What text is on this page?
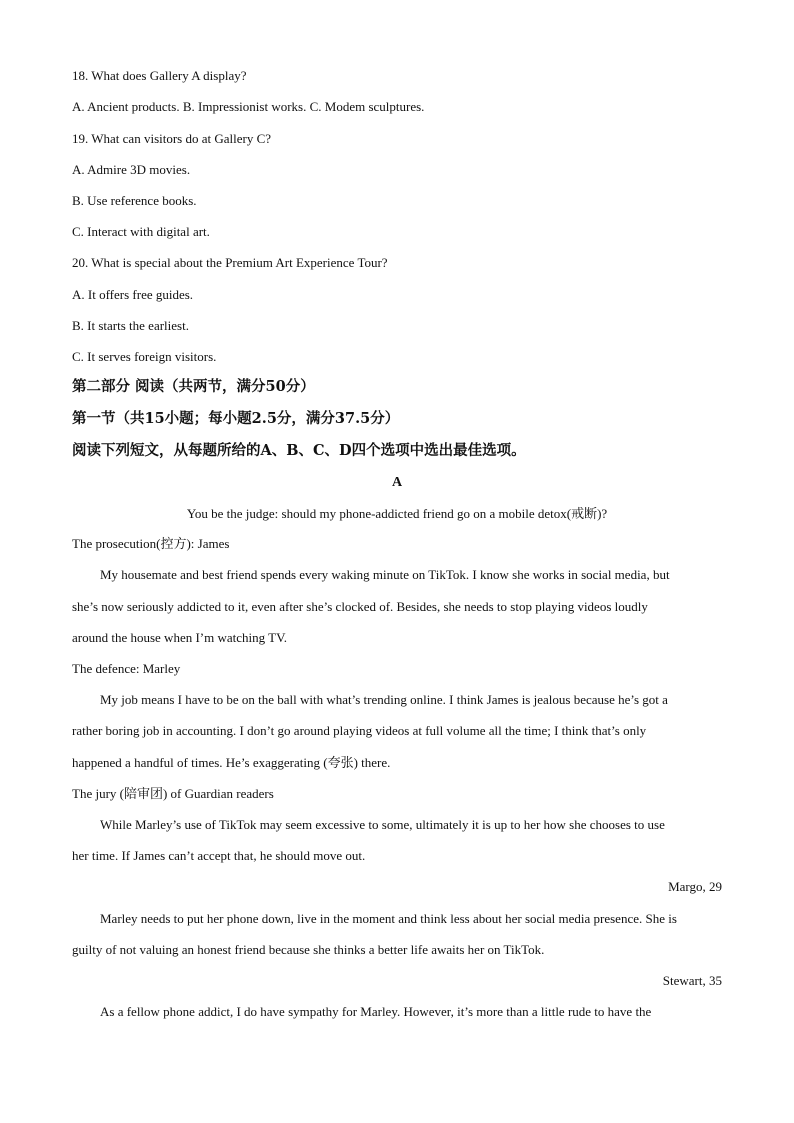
18. What does Gallery A display?
A. Ancient products. B. Impressionist works. C. Modem sculptures.
19. What can visitors do at Gallery C?
A. Admire 3D movies.
B. Use reference books.
C. Interact with digital art.
20. What is special about the Premium Art Experience Tour?
A. It offers free guides.
B. It starts the earliest.
C. It serves foreign visitors.
第二部分 阅读（共两节，满分50分）
第一节（共15小题；每小题2.5分，满分37.5分）
阅读下列短文，从每题所给的A、B、C、D四个选项中选出最佳选项。
A
You be the judge: should my phone-addicted friend go on a mobile detox(戒断)?
The prosecution(控方): James
My housemate and best friend spends every waking minute on TikTok. I know she works in social media, but
she’s now seriously addicted to it, even after she’s clocked of. Besides, she needs to stop playing videos loudly
around the house when I’m watching TV.
The defence: Marley
My job means I have to be on the ball with what’s trending online. I think James is jealous because he’s got a
rather boring job in accounting. I don’t go around playing videos at full volume all the time; I think that’s only
happened a handful of times. He’s exaggerating (夸张) there.
The jury (陪审团) of Guardian readers
While Marley’s use of TikTok may seem excessive to some, ultimately it is up to her how she chooses to use
her time. If James can’t accept that, he should move out.
Margo, 29
Marley needs to put her phone down, live in the moment and think less about her social media presence. She is
guilty of not valuing an honest friend because she thinks a better life awaits her on TikTok.
Stewart, 35
As a fellow phone addict, I do have sympathy for Marley. However, it’s more than a little rude to have the
